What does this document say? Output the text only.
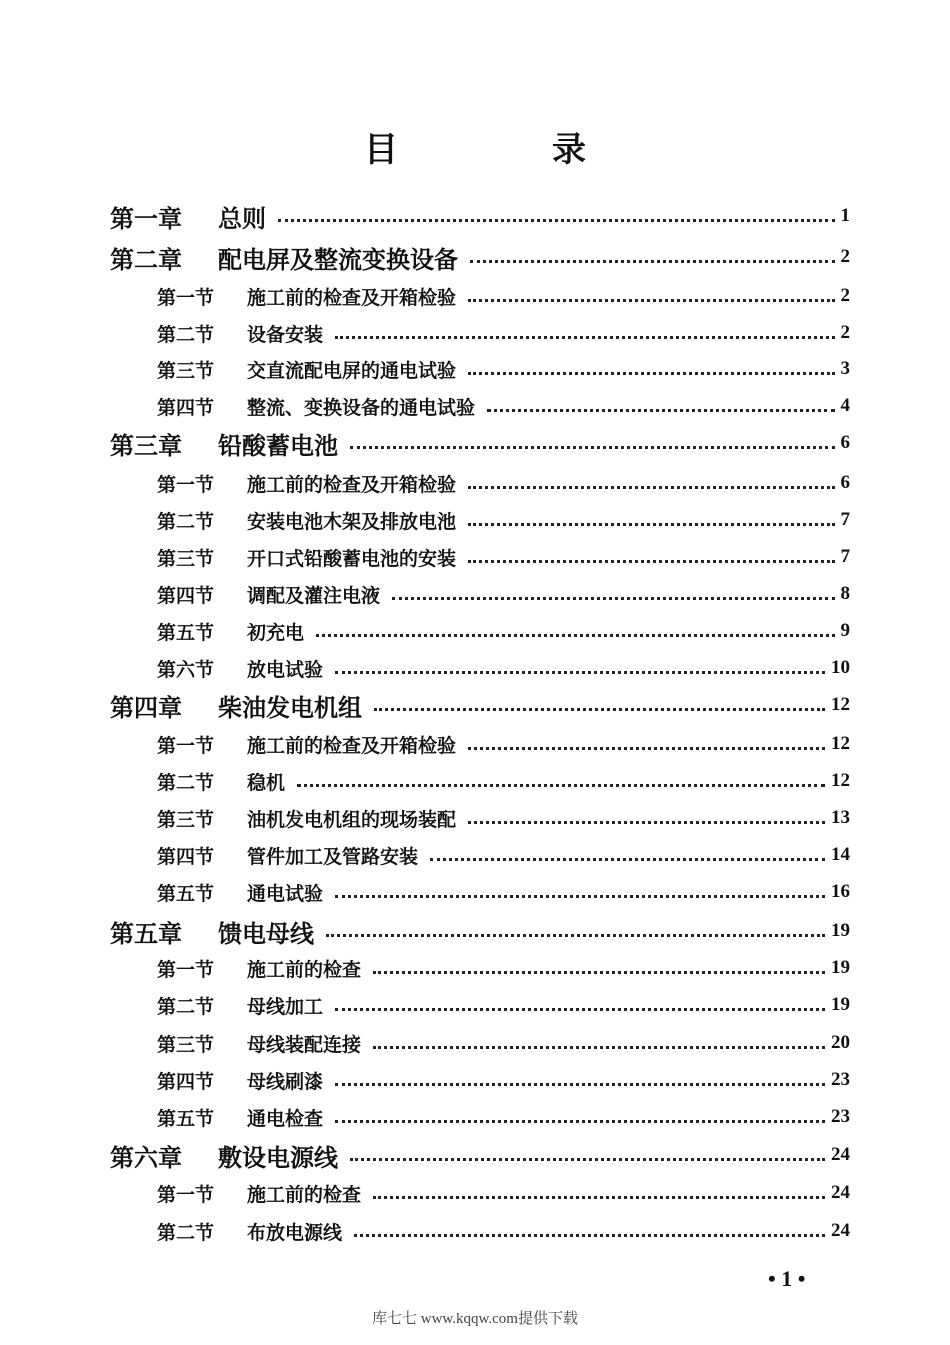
目　录
第一章	总则	1
第二章	配电屏及整流变换设备	2
第一节	施工前的检查及开箱检验	2
第二节	设备安装	2
第三节	交直流配电屏的通电试验	3
第四节	整流、变换设备的通电试验	4
第三章	铅酸蓄电池	6
第一节	施工前的检查及开箱检验	6
第二节	安装电池木架及排放电池	7
第三节	开口式铅酸蓄电池的安装	7
第四节	调配及灌注电液	8
第五节	初充电	9
第六节	放电试验	10
第四章	柴油发电机组	12
第一节	施工前的检查及开箱检验	12
第二节	稳机	12
第三节	油机发电机组的现场装配	13
第四节	管件加工及管路安装	14
第五节	通电试验	16
第五章	馈电母线	19
第一节	施工前的检查	19
第二节	母线加工	19
第三节	母线装配连接	20
第四节	母线刷漆	23
第五节	通电检查	23
第六章	敷设电源线	24
第一节	施工前的检查	24
第二节	布放电源线	24
• 1 •
库七七 www.kqqw.com提供下载
